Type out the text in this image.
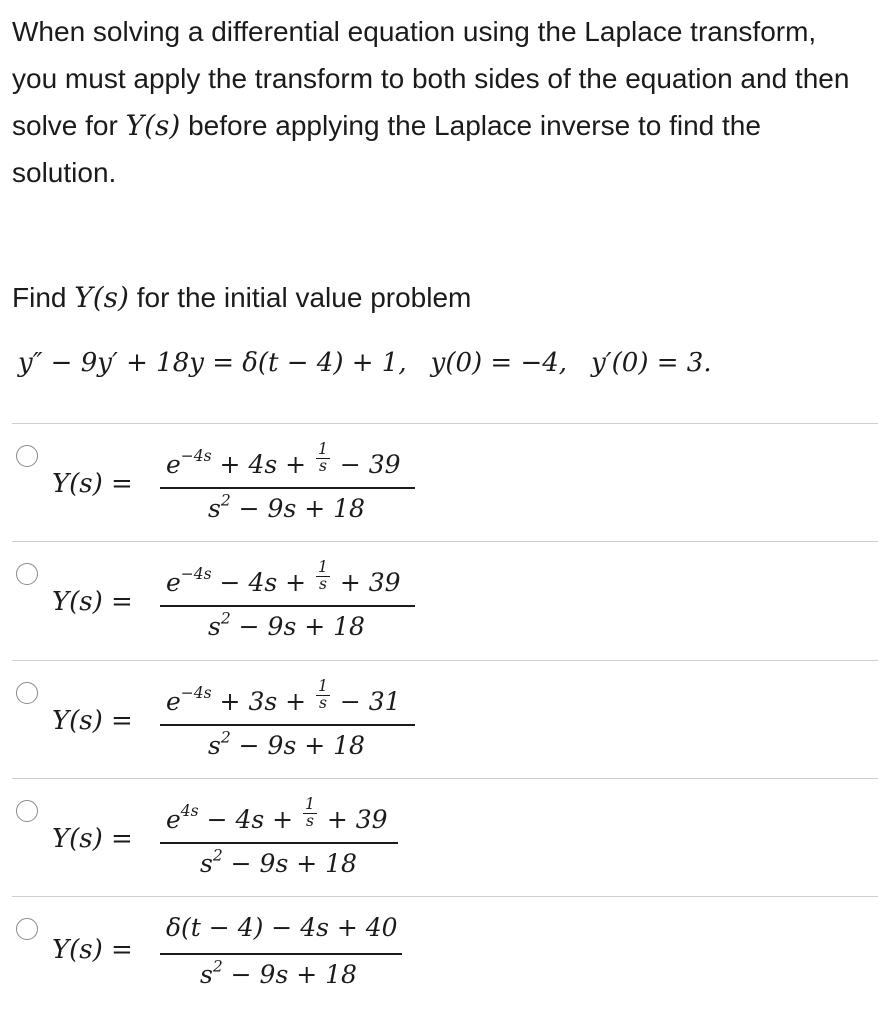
When solving a differential equation using the Laplace transform, you must apply the transform to both sides of the equation and then solve for Y(s) before applying the Laplace inverse to find the solution.

Find Y(s) for the initial value problem

y″ − 9y′ + 18y = δ(t − 4) + 1, y(0) = −4, y′(0) = 3.
Y(s) =
$e^{-4s} + 4s + \frac{1}{s} - 39$
$s^2 - 9s + 18$
Y(s) =
$e^{-4s} - 4s + \frac{1}{s} + 39$
$s^2 - 9s + 18$
Y(s) =
$e^{-4s} + 3s + \frac{1}{s} - 31$
$s^2 - 9s + 18$
Y(s) =
$e^{4s} - 4s + \frac{1}{s} + 39$
$s^2 - 9s + 18$
Y(s) =
δ(t − 4) − 4s + 40
$s^2 - 9s + 18$
